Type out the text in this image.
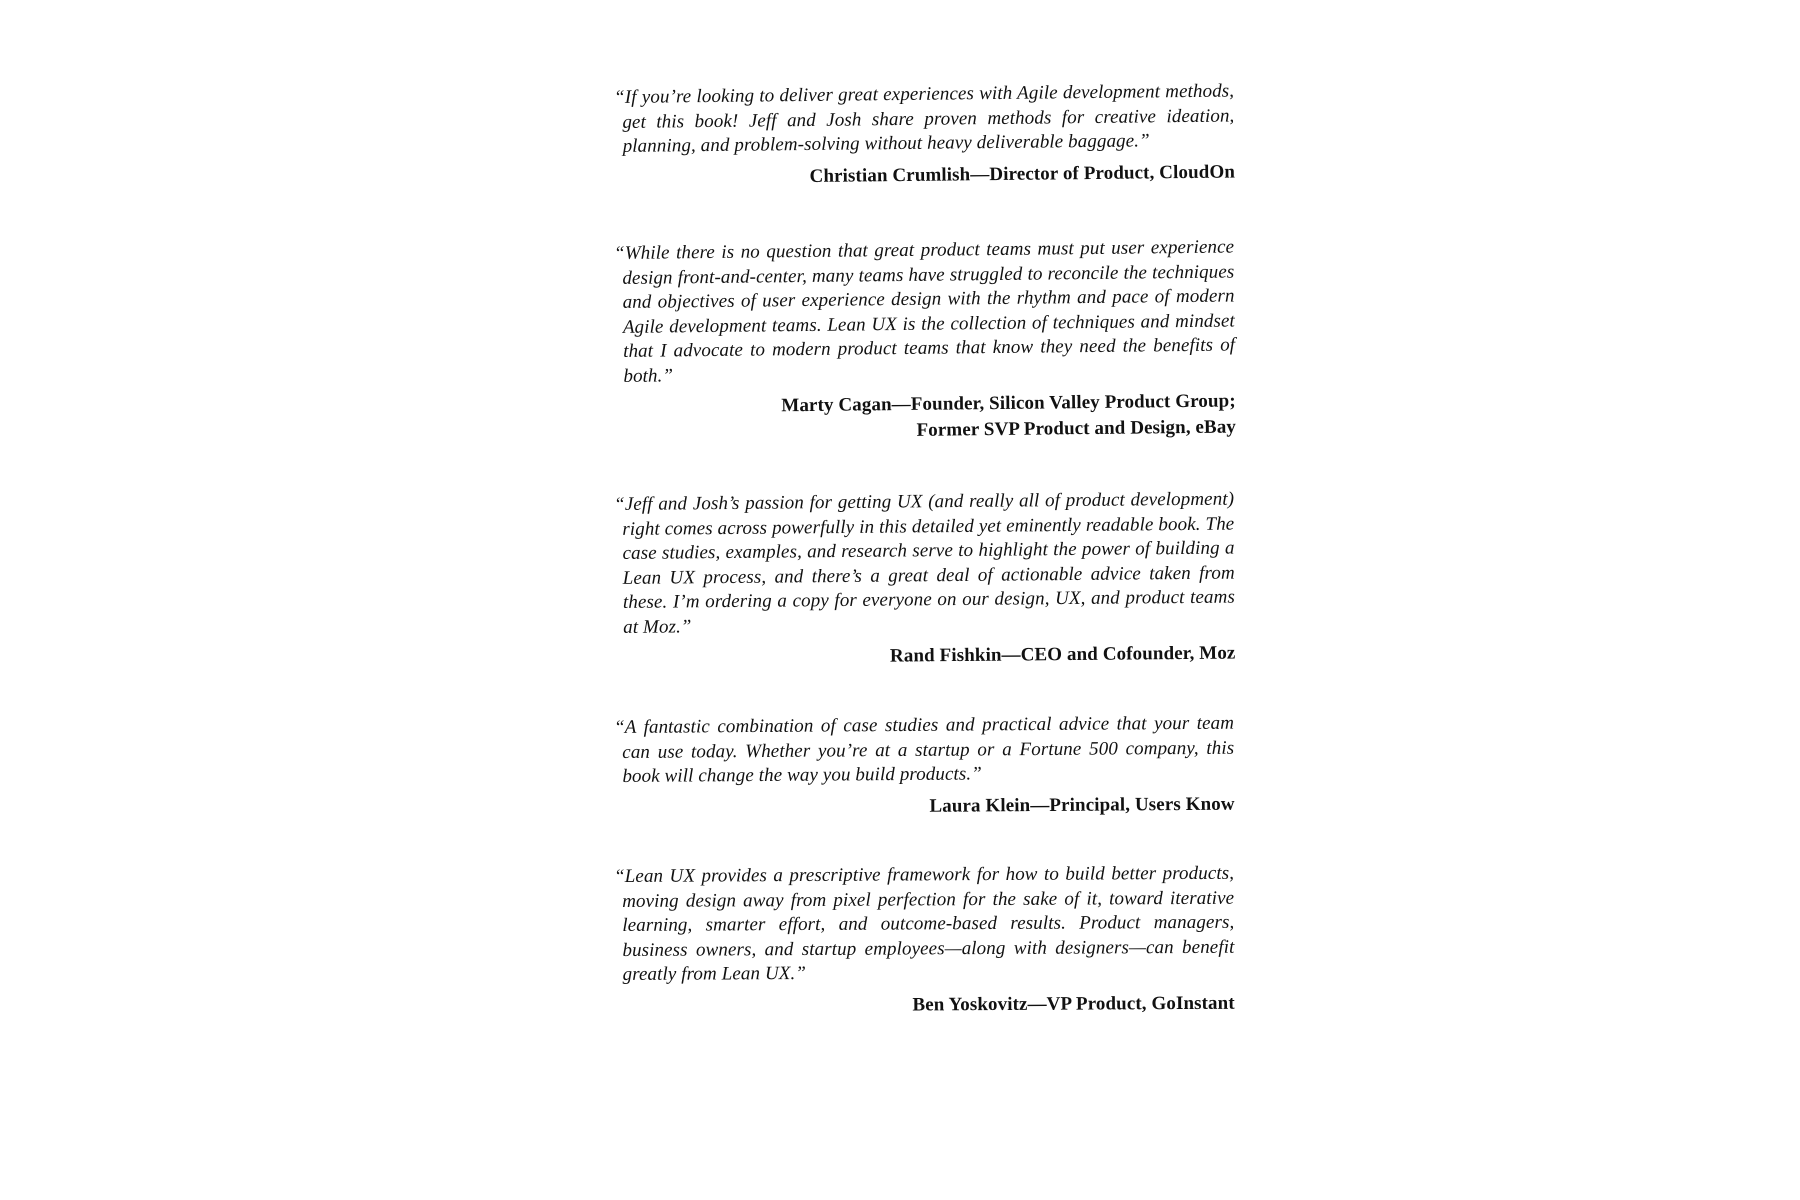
“If you’re looking to deliver great experiences with Agile development methods, get this book! Jeff and Josh share proven methods for creative ideation, planning, and problem-solving without heavy deliverable baggage.”

Christian Crumlish—Director of Product, CloudOn

“While there is no question that great product teams must put user experience design front-and-center, many teams have struggled to reconcile the techniques and objectives of user experience design with the rhythm and pace of modern Agile development teams. Lean UX is the collection of techniques and mindset that I advocate to modern product teams that know they need the benefits of both.”

Marty Cagan—Founder, Silicon Valley Product Group;
Former SVP Product and Design, eBay

“Jeff and Josh’s passion for getting UX (and really all of product development) right comes across powerfully in this detailed yet eminently readable book. The case studies, examples, and research serve to highlight the power of building a Lean UX process, and there’s a great deal of actionable advice taken from these. I’m ordering a copy for everyone on our design, UX, and product teams at Moz.”

Rand Fishkin—CEO and Cofounder, Moz

“A fantastic combination of case studies and practical advice that your team can use today. Whether you’re at a startup or a Fortune 500 company, this book will change the way you build products.”

Laura Klein—Principal, Users Know

“Lean UX provides a prescriptive framework for how to build better products, moving design away from pixel perfection for the sake of it, toward iterative learning, smarter effort, and outcome-based results. Product managers, business owners, and startup employees—along with designers—can benefit greatly from Lean UX.”

Ben Yoskovitz—VP Product, GoInstant
